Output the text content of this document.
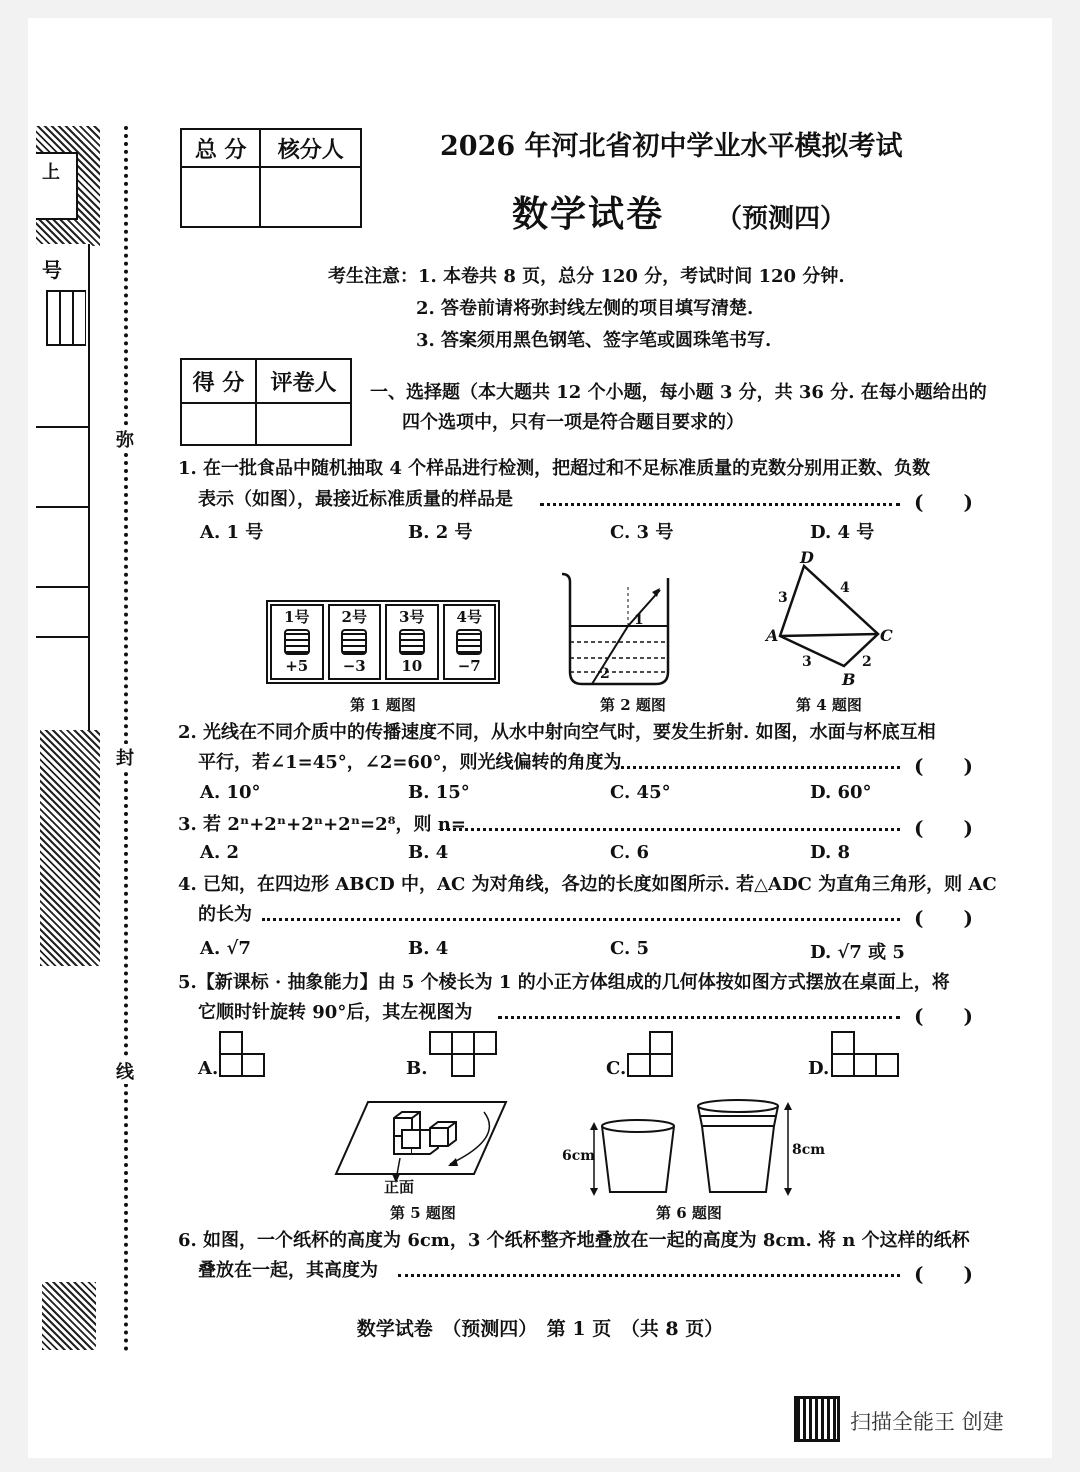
上
号
弥
封
线
总 分	核分人
		2026 年河北省初中学业水平模拟考试
数学试卷 （预测四）
考生注意：1. 本卷共 8 页，总分 120 分，考试时间 120 分钟.
2. 答卷前请将弥封线左侧的项目填写清楚.
3. 答案须用黑色钢笔、签字笔或圆珠笔书写.
得 分	评卷人
	一、选择题（本大题共 12 个小题，每小题 3 分，共 36 分. 在每小题给出的
四个选项中，只有一项是符合题目要求的）
1. 在一批食品中随机抽取 4 个样品进行检测，把超过和不足标准质量的克数分别用正数、负数
表示（如图），最接近标准质量的样品是	(　　)
A. 1 号	B. 2 号	C. 3 号	D. 4 号
1号
+5
2号
−3
3号
10
4号
−7
第 1 题图
1
2
第 2 题图
D
A	C
B
3
4
3	2
第 4 题图
2. 光线在不同介质中的传播速度不同，从水中射向空气时，要发生折射. 如图，水面与杯底互相
平行，若∠1=45°，∠2=60°，则光线偏转的角度为	(　　)
A. 10°	B. 15°	C. 45°	D. 60°
3. 若 2ⁿ+2ⁿ+2ⁿ+2ⁿ=2⁸，则 n=	(　　)
A. 2	B. 4	C. 6	D. 8
4. 已知，在四边形 ABCD 中，AC 为对角线，各边的长度如图所示. 若△ADC 为直角三角形，则 AC
的长为	(　　)
A. √7	B. 4	C. 5	D. √7 或 5
5.【新课标 · 抽象能力】由 5 个棱长为 1 的小正方体组成的几何体按如图方式摆放在桌面上，将
它顺时针旋转 90°后，其左视图为	(　　)
A.	B.	C.	D.
正面
第 5 题图
6cm	8cm
第 6 题图
6. 如图，一个纸杯的高度为 6cm，3 个纸杯整齐地叠放在一起的高度为 8cm. 将 n 个这样的纸杯
叠放在一起，其高度为	(　　)
数学试卷　（预测四）　第 1 页　（共 8 页）
扫描全能王 创建
